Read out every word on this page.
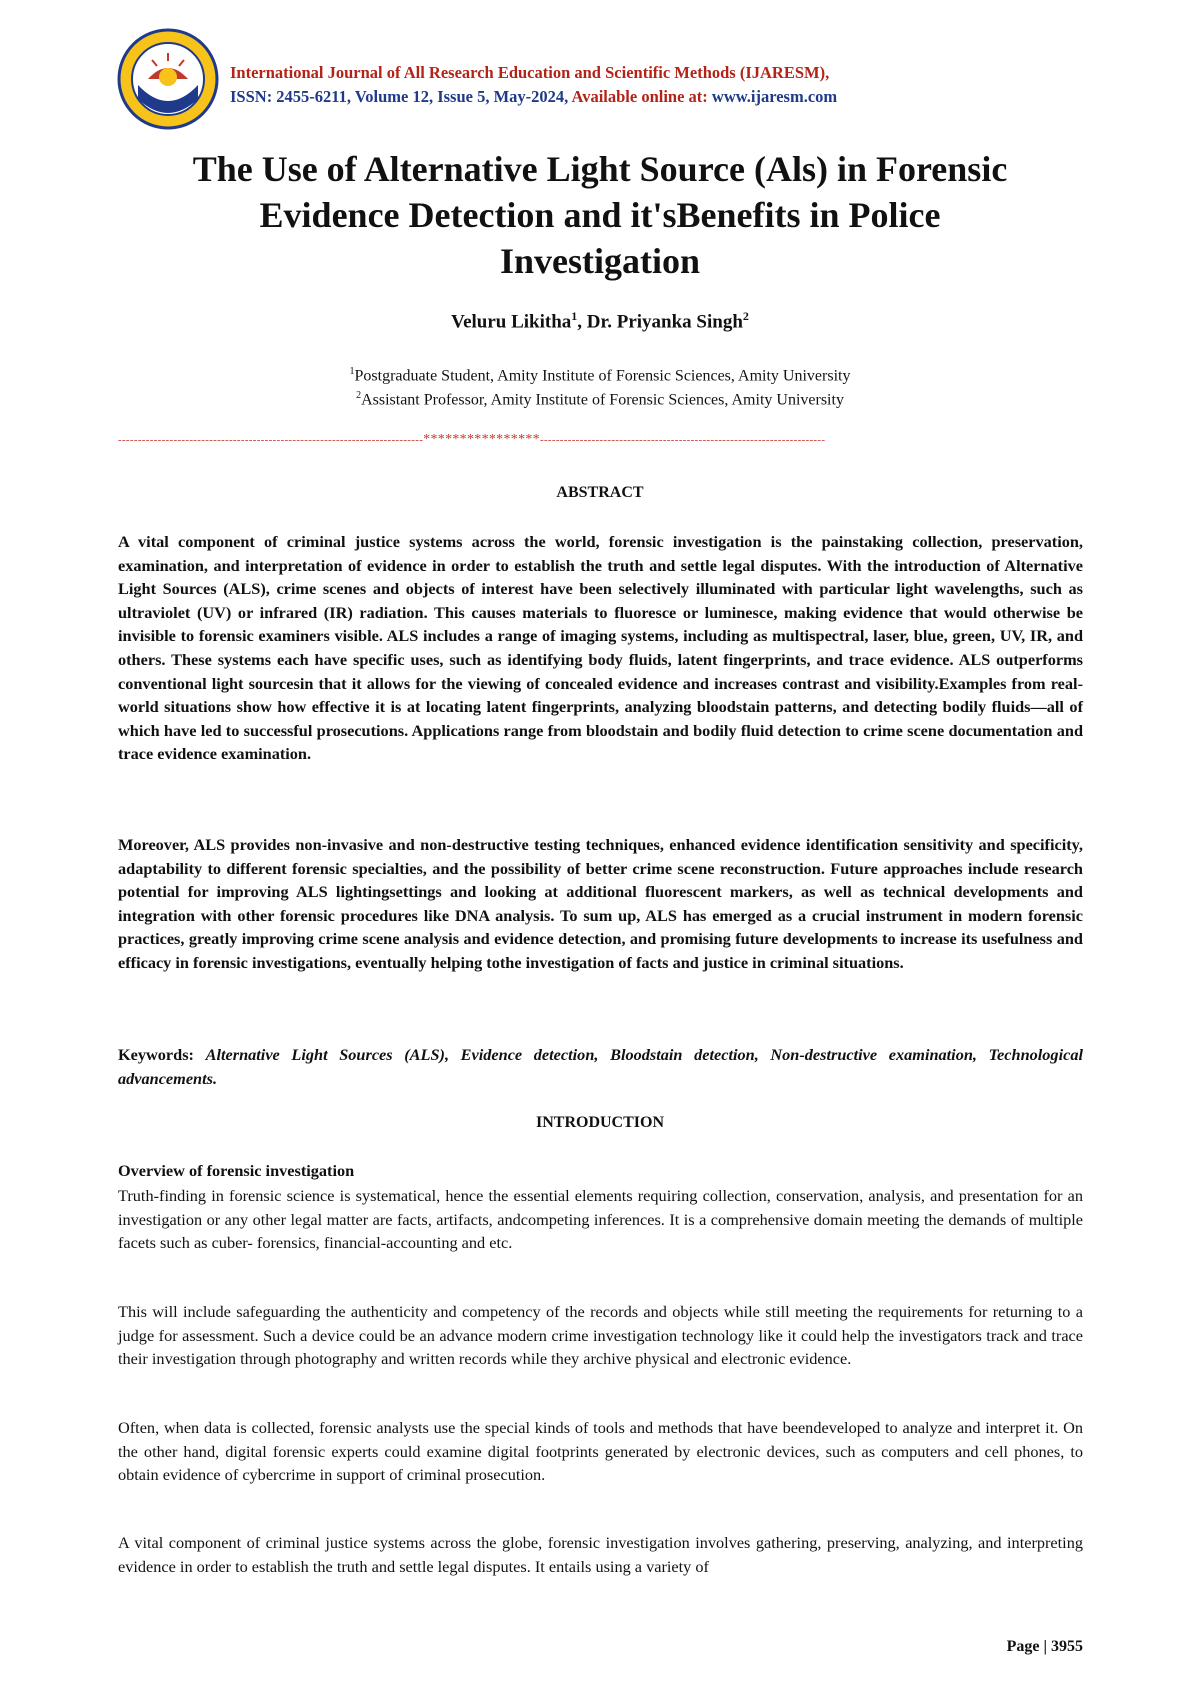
International Journal of All Research Education and Scientific Methods (IJARESM),
ISSN: 2455-6211, Volume 12, Issue 5, May-2024, Available online at: www.ijaresm.com
The Use of Alternative Light Source (Als) in Forensic
Evidence Detection and it'sBenefits in Police
Investigation
Veluru Likitha$^1$, Dr. Priyanka Singh$^2$
$^1$Postgraduate Student, Amity Institute of Forensic Sciences, Amity University
$^2$Assistant Professor, Amity Institute of Forensic Sciences, Amity University
-----------------------------------------------------------------------------****************------------------------------------------------------------------------
ABSTRACT
A vital component of criminal justice systems across the world, forensic investigation is the painstaking collection, preservation, examination, and interpretation of evidence in order to establish the truth and settle legal disputes. With the introduction of Alternative Light Sources (ALS), crime scenes and objects of interest have been selectively illuminated with particular light wavelengths, such as ultraviolet (UV) or infrared (IR) radiation. This causes materials to fluoresce or luminesce, making evidence that would otherwise be invisible to forensic examiners visible. ALS includes a range of imaging systems, including as multispectral, laser, blue, green, UV, IR, and others. These systems each have specific uses, such as identifying body fluids, latent fingerprints, and trace evidence. ALS outperforms conventional light sourcesin that it allows for the viewing of concealed evidence and increases contrast and visibility.Examples from real-world situations show how effective it is at locating latent fingerprints, analyzing bloodstain patterns, and detecting bodily fluids—all of which have led to successful prosecutions. Applications range from bloodstain and bodily fluid detection to crime scene documentation and trace evidence examination.
Moreover, ALS provides non-invasive and non-destructive testing techniques, enhanced evidence identification sensitivity and specificity, adaptability to different forensic specialties, and the possibility of better crime scene reconstruction. Future approaches include research potential for improving ALS lightingsettings and looking at additional fluorescent markers, as well as technical developments and integration with other forensic procedures like DNA analysis. To sum up, ALS has emerged as a crucial instrument in modern forensic practices, greatly improving crime scene analysis and evidence detection, and promising future developments to increase its usefulness and efficacy in forensic investigations, eventually helping tothe investigation of facts and justice in criminal situations.
Keywords: Alternative Light Sources (ALS), Evidence detection, Bloodstain detection, Non-destructive examination, Technological advancements.
INTRODUCTION
Overview of forensic investigation
Truth-finding in forensic science is systematical, hence the essential elements requiring collection, conservation, analysis, and presentation for an investigation or any other legal matter are facts, artifacts, andcompeting inferences. It is a comprehensive domain meeting the demands of multiple facets such as cuber- forensics, financial-accounting and etc.
This will include safeguarding the authenticity and competency of the records and objects while still meeting the requirements for returning to a judge for assessment. Such a device could be an advance modern crime investigation technology like it could help the investigators track and trace their investigation through photography and written records while they archive physical and electronic evidence.
Often, when data is collected, forensic analysts use the special kinds of tools and methods that have beendeveloped to analyze and interpret it. On the other hand, digital forensic experts could examine digital footprints generated by electronic devices, such as computers and cell phones, to obtain evidence of cybercrime in support of criminal prosecution.
A vital component of criminal justice systems across the globe, forensic investigation involves gathering, preserving, analyzing, and interpreting evidence in order to establish the truth and settle legal disputes. It entails using a variety of
Page | 3955
